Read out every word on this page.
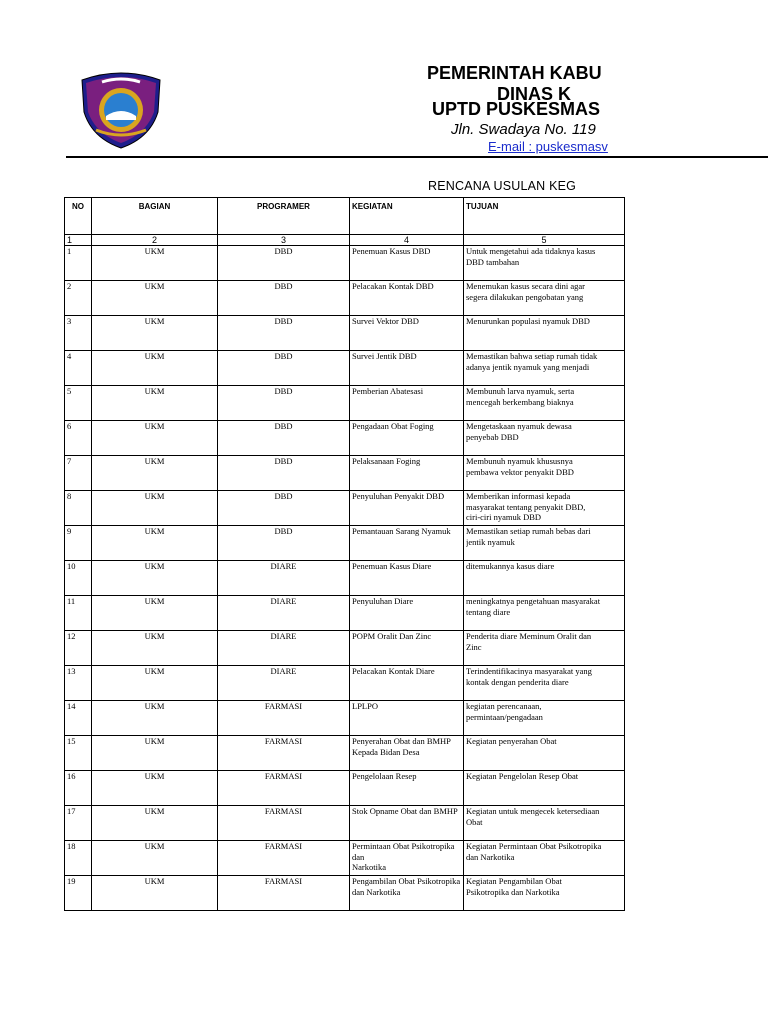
PEMERINTAH KABU
DINAS K
UPTD PUSKESMAS
Jln. Swadaya No. 119
E-mail : puskesmasv
RENCANA USULAN KEG
NO	BAGIAN	PROGRAMER	KEGIATAN	TUJUAN
1	2	3	4	5

1	UKM	DBD	Penemuan Kasus DBD	Untuk mengetahui ada tidaknya kasus
DBD tambahan

2	UKM	DBD	Pelacakan Kontak DBD	Menemukan kasus secara dini agar
segera dilakukan pengobatan yang

3	UKM	DBD	Survei Vektor DBD	Menurunkan populasi nyamuk DBD

4	UKM	DBD	Survei Jentik DBD	Memastikan bahwa setiap rumah tidak
adanya jentik nyamuk yang menjadi

5	UKM	DBD	Pemberian Abatesasi	Membunuh larva nyamuk, serta
mencegah berkembang biaknya

6	UKM	DBD	Pengadaan Obat Foging	Mengetaskaan nyamuk dewasa
penyebab DBD

7	UKM	DBD	Pelaksanaan Foging	Membunuh nyamuk khususnya
pembawa vektor penyakit DBD

8	UKM	DBD	Penyuluhan Penyakit DBD	Memberikan informasi kepada
masyarakat tentang penyakit DBD,
ciri-ciri nyamuk DBD

9	UKM	DBD	Pemantauan Sarang Nyamuk	Memastikan setiap rumah bebas dari
jentik nyamuk

10	UKM	DIARE	Penemuan Kasus Diare	ditemukannya kasus diare

11	UKM	DIARE	Penyuluhan Diare	meningkatnya pengetahuan masyarakat
tentang diare

12	UKM	DIARE	POPM Oralit Dan Zinc	Penderita diare Meminum Oralit dan
Zinc

13	UKM	DIARE	Pelacakan Kontak Diare	Terindentifikacinya masyarakat yang
kontak dengan penderita diare

14	UKM	FARMASI	LPLPO	kegiatan perencanaan,
permintaan/pengadaan

15	UKM	FARMASI	Penyerahan Obat dan BMHP
Kepada Bidan Desa	Kegiatan penyerahan Obat

16	UKM	FARMASI	Pengelolaan Resep	Kegiatan Pengelolan Resep Obat

17	UKM	FARMASI	Stok Opname Obat dan BMHP	Kegiatan untuk mengecek ketersediaan
Obat

18	UKM	FARMASI	Permintaan Obat Psikotropika dan
Narkotika	Kegiatan Permintaan Obat Psikotropika
dan Narkotika

19	UKM	FARMASI	Pengambilan Obat Psikotropika
dan Narkotika	Kegiatan Pengambilan Obat
Psikotropika dan Narkotika
